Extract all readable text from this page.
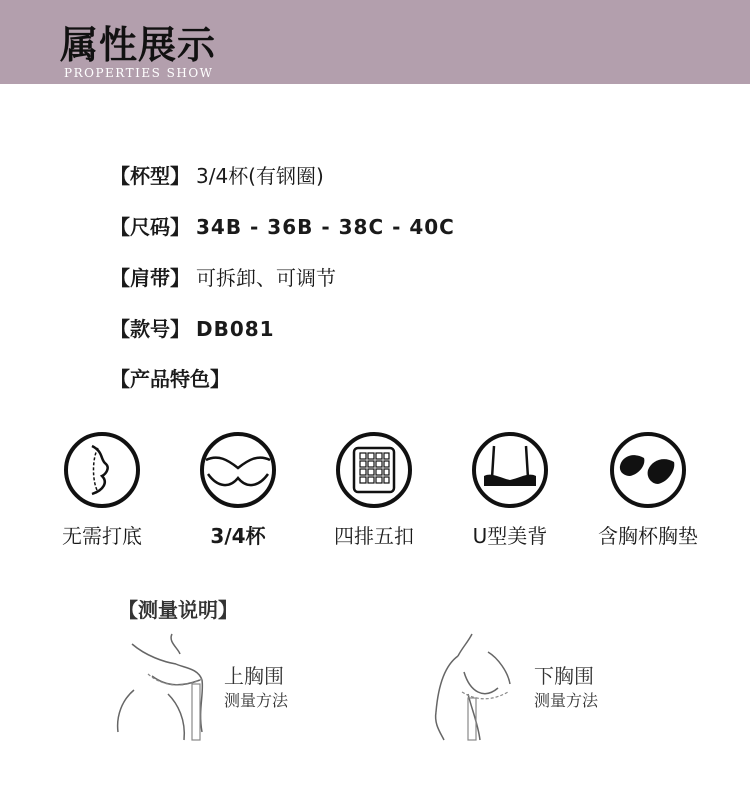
属性展示
PROPERTIES SHOW
【杯型】 3/4杯(有钢圈)
【尺码】 34B - 36B - 38C - 40C
【肩带】 可拆卸、可调节
【款号】 DB081
【产品特色】
无需打底	3/4杯	四排五扣	U型美背	含胸杯胸垫
【测量说明】
上胸围
测量方法
下胸围
测量方法
